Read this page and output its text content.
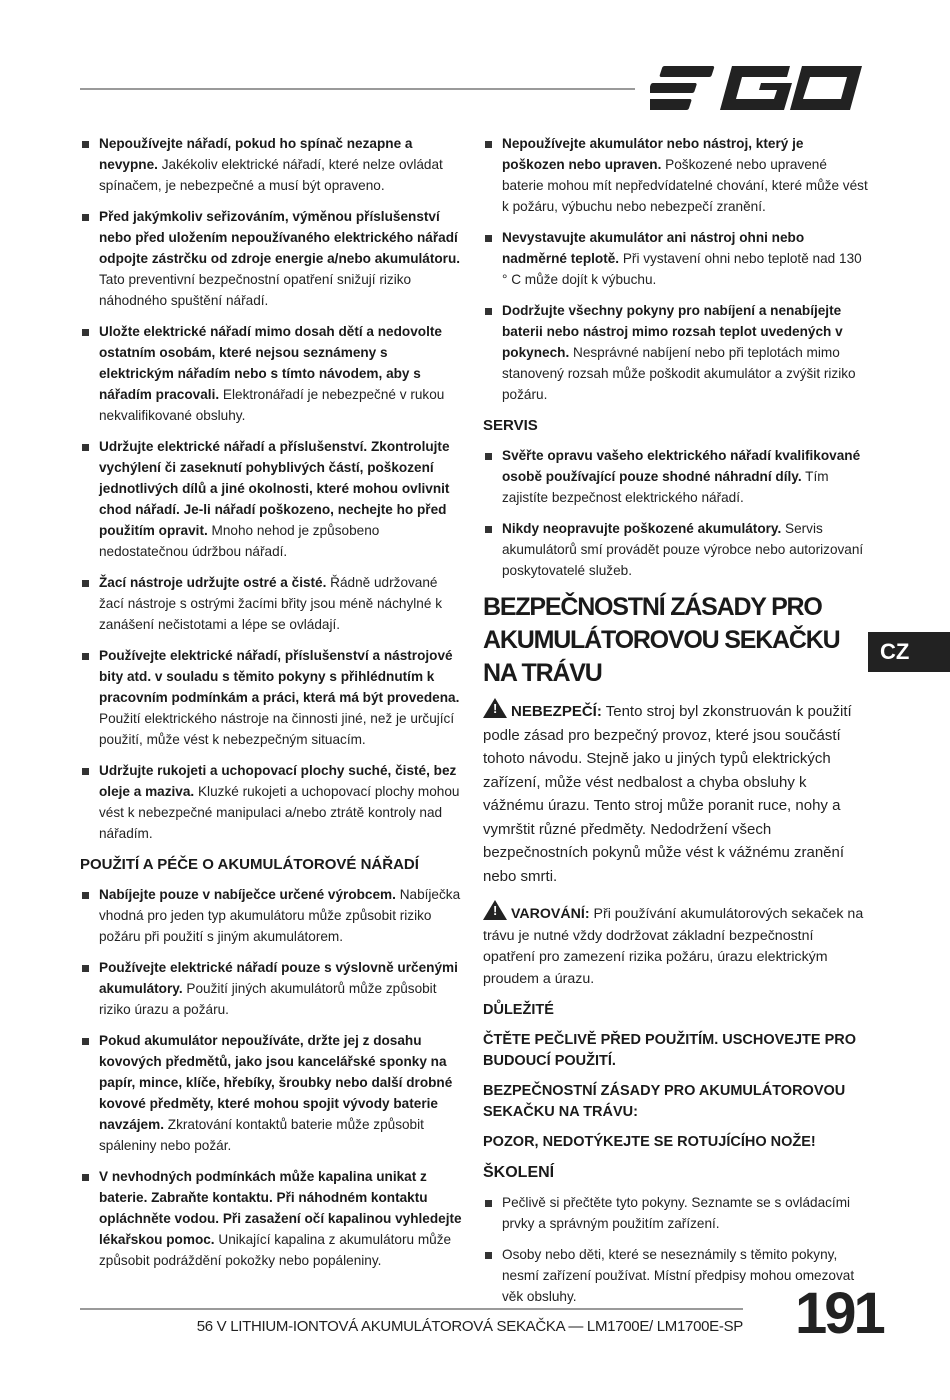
Nepoužívejte nářadí, pokud ho spínač nezapne a nevypne. Jakékoliv elektrické nářadí, které nelze ovládat spínačem, je nebezpečné a musí být opraveno.
Před jakýmkoliv seřizováním, výměnou příslušenství nebo před uložením nepoužívaného elektrického nářadí odpojte zástrčku od zdroje energie a/nebo akumulátoru. Tato preventivní bezpečnostní opatření snižují riziko náhodného spuštění nářadí.
Uložte elektrické nářadí mimo dosah dětí a nedovolte ostatním osobám, které nejsou seznámeny s elektrickým nářadím nebo s tímto návodem, aby s nářadím pracovali. Elektronářadí je nebezpečné v rukou nekvalifikované obsluhy.
Udržujte elektrické nářadí a příslušenství. Zkontrolujte vychýlení či zaseknutí pohyblivých částí, poškození jednotlivých dílů a jiné okolnosti, které mohou ovlivnit chod nářadí. Je-li nářadí poškozeno, nechejte ho před použitím opravit. Mnoho nehod je způsobeno nedostatečnou údržbou nářadí.
Žací nástroje udržujte ostré a čisté. Řádně udržované žací nástroje s ostrými žacími břity jsou méně náchylné k zanášení nečistotami a lépe se ovládají.
Používejte elektrické nářadí, příslušenství a nástrojové bity atd. v souladu s těmito pokyny s přihlédnutím k pracovním podmínkám a práci, která má být provedena. Použití elektrického nástroje na činnosti jiné, než je určující použití, může vést k nebezpečným situacím.
Udržujte rukojeti a uchopovací plochy suché, čisté, bez oleje a maziva. Kluzké rukojeti a uchopovací plochy mohou vést k nebezpečné manipulaci a/nebo ztrátě kontroly nad nářadím.
POUŽITÍ A PÉČE O AKUMULÁTOROVÉ NÁŘADÍ
Nabíjejte pouze v nabíječce určené výrobcem. Nabíječka vhodná pro jeden typ akumulátoru může způsobit riziko požáru při použití s jiným akumulátorem.
Používejte elektrické nářadí pouze s výslovně určenými akumulátory. Použití jiných akumulátorů může způsobit riziko úrazu a požáru.
Pokud akumulátor nepoužíváte, držte jej z dosahu kovových předmětů, jako jsou kancelářské sponky na papír, mince, klíče, hřebíky, šroubky nebo další drobné kovové předměty, které mohou spojit vývody baterie navzájem. Zkratování kontaktů baterie může způsobit spáleniny nebo požár.
V nevhodných podmínkách může kapalina unikat z baterie. Zabraňte kontaktu. Při náhodném kontaktu opláchněte vodou. Při zasažení očí kapalinou vyhledejte lékařskou pomoc. Unikající kapalina z akumulátoru může způsobit podráždění pokožky nebo popáleniny.
Nepoužívejte akumulátor nebo nástroj, který je poškozen nebo upraven. Poškozené nebo upravené baterie mohou mít nepředvídatelné chování, které může vést k požáru, výbuchu nebo nebezpečí zranění.
Nevystavujte akumulátor ani nástroj ohni nebo nadměrné teplotě. Při vystavení ohni nebo teplotě nad 130 ° C může dojít k výbuchu.
Dodržujte všechny pokyny pro nabíjení a nenabíjejte baterii nebo nástroj mimo rozsah teplot uvedených v pokynech. Nesprávné nabíjení nebo při teplotách mimo stanovený rozsah může poškodit akumulátor a zvýšit riziko požáru.
SERVIS
Svěřte opravu vašeho elektrického nářadí kvalifikované osobě používající pouze shodné náhradní díly. Tím zajistíte bezpečnost elektrického nářadí.
Nikdy neopravujte poškozené akumulátory. Servis akumulátorů smí provádět pouze výrobce nebo autorizovaní poskytovatelé služeb.
BEZPEČNOSTNÍ ZÁSADY PRO
AKUMULÁTOROVOU SEKAČKU NA TRÁVU

!NEBEZPEČÍ: Tento stroj byl zkonstruován k použití podle zásad pro bezpečný provoz, které jsou součástí tohoto návodu. Stejně jako u jiných typů elektrických zařízení, může vést nedbalost a chyba obsluhy k vážnému úrazu. Tento stroj může poranit ruce, nohy a vymrštit různé předměty. Nedodržení všech bezpečnostních pokynů může vést k vážnému zranění nebo smrti.

!VAROVÁNÍ: Při používání akumulátorových sekaček na trávu je nutné vždy dodržovat základní bezpečnostní opatření pro zamezení rizika požáru, úrazu elektrickým proudem a úrazu.

DŮLEŽITÉ
ČTĚTE PEČLIVĚ PŘED POUŽITÍM. USCHOVEJTE PRO BUDOUCÍ POUŽITÍ.
BEZPEČNOSTNÍ ZÁSADY PRO AKUMULÁTOROVOU SEKAČKU NA TRÁVU:
POZOR, NEDOTÝKEJTE SE ROTUJÍCÍHO NOŽE!
ŠKOLENÍ
Pečlivě si přečtěte tyto pokyny. Seznamte se s ovládacími prvky a správným použitím zařízení.
Osoby nebo děti, které se neseznámily s těmito pokyny, nesmí zařízení používat. Místní předpisy mohou omezovat věk obsluhy.
CZ
56 V LITHIUM-IONTOVÁ AKUMULÁTOROVÁ SEKAČKA — LM1700E/ LM1700E-SP 191
